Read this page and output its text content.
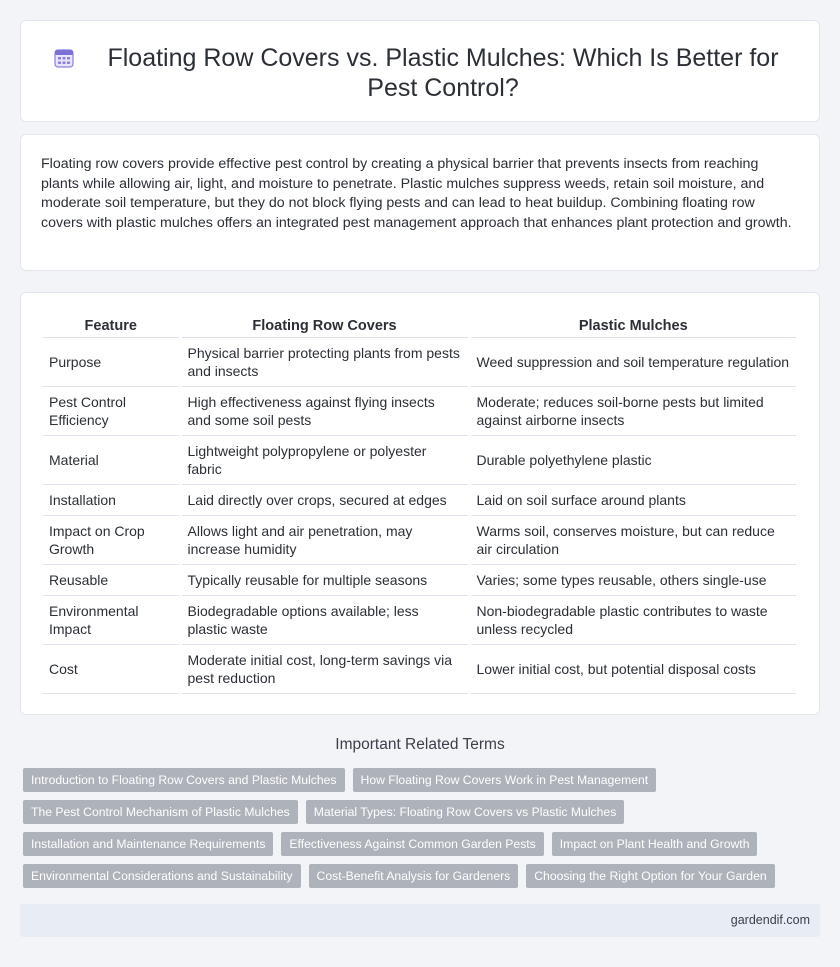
Floating Row Covers vs. Plastic Mulches: Which Is Better for Pest Control?

Floating row covers provide effective pest control by creating a physical barrier that prevents insects from reaching plants while allowing air, light, and moisture to penetrate. Plastic mulches suppress weeds, retain soil moisture, and moderate soil temperature, but they do not block flying pests and can lead to heat buildup. Combining floating row covers with plastic mulches offers an integrated pest management approach that enhances plant protection and growth.

Feature	Floating Row Covers	Plastic Mulches
Purpose	Physical barrier protecting plants from pests and insects	Weed suppression and soil temperature regulation
Pest Control Efficiency	High effectiveness against flying insects and some soil pests	Moderate; reduces soil-borne pests but limited against airborne insects
Material	Lightweight polypropylene or polyester fabric	Durable polyethylene plastic
Installation	Laid directly over crops, secured at edges	Laid on soil surface around plants
Impact on Crop Growth	Allows light and air penetration, may increase humidity	Warms soil, conserves moisture, but can reduce air circulation
Reusable	Typically reusable for multiple seasons	Varies; some types reusable, others single-use
Environmental Impact	Biodegradable options available; less plastic waste	Non-biodegradable plastic contributes to waste unless recycled
Cost	Moderate initial cost, long-term savings via pest reduction	Lower initial cost, but potential disposal costs
Important Related Terms
Introduction to Floating Row Covers and Plastic Mulches	How Floating Row Covers Work in Pest Management
The Pest Control Mechanism of Plastic Mulches	Material Types: Floating Row Covers vs Plastic Mulches
Installation and Maintenance Requirements	Effectiveness Against Common Garden Pests	Impact on Plant Health and Growth
Environmental Considerations and Sustainability	Cost-Benefit Analysis for Gardeners	Choosing the Right Option for Your Garden
gardendif.com
